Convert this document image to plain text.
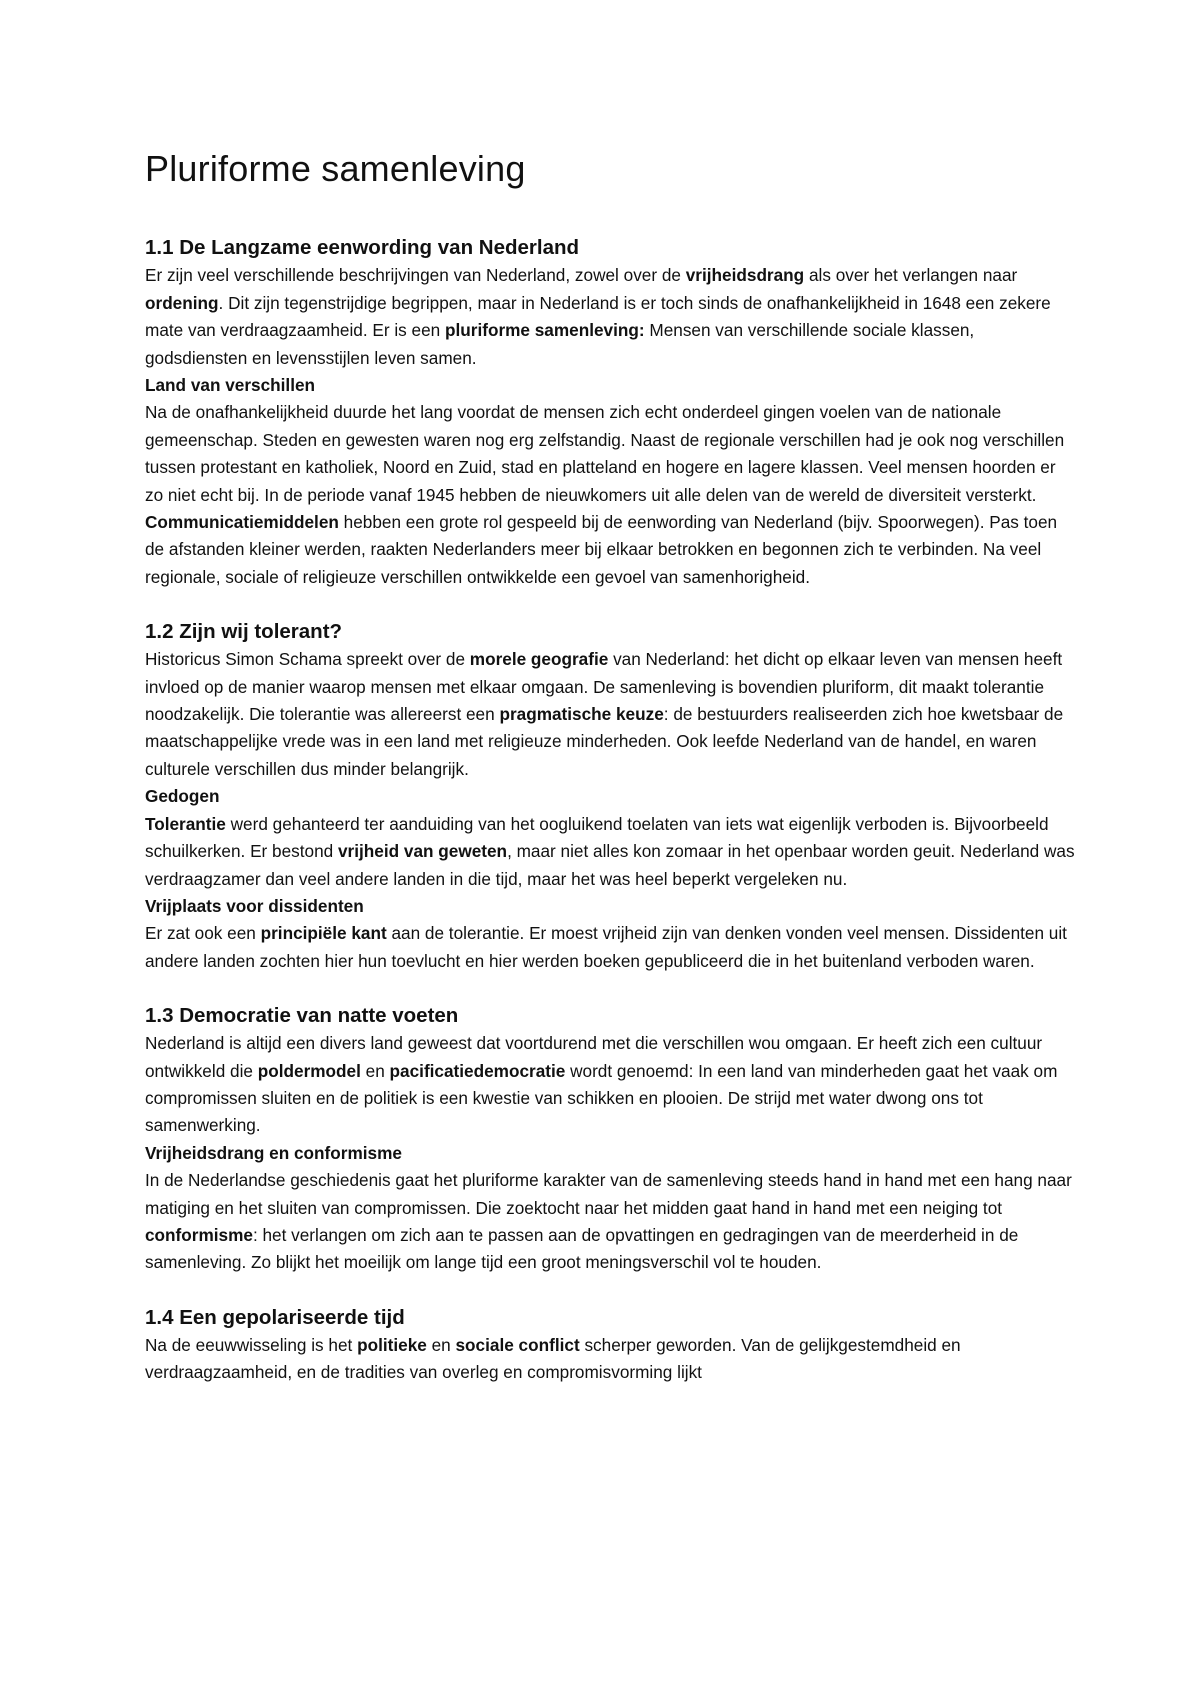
Pluriforme samenleving
1.1 De Langzame eenwording van Nederland

Er zijn veel verschillende beschrijvingen van Nederland, zowel over de vrijheidsdrang als over het verlangen naar ordening. Dit zijn tegenstrijdige begrippen, maar in Nederland is er toch sinds de onafhankelijkheid in 1648 een zekere mate van verdraagzaamheid. Er is een pluriforme samenleving: Mensen van verschillende sociale klassen, godsdiensten en levensstijlen leven samen.

Land van verschillen

Na de onafhankelijkheid duurde het lang voordat de mensen zich echt onderdeel gingen voelen van de nationale gemeenschap. Steden en gewesten waren nog erg zelfstandig. Naast de regionale verschillen had je ook nog verschillen tussen protestant en katholiek, Noord en Zuid, stad en platteland en hogere en lagere klassen. Veel mensen hoorden er zo niet echt bij. In de periode vanaf 1945 hebben de nieuwkomers uit alle delen van de wereld de diversiteit versterkt. Communicatiemiddelen hebben een grote rol gespeeld bij de eenwording van Nederland (bijv. Spoorwegen). Pas toen de afstanden kleiner werden, raakten Nederlanders meer bij elkaar betrokken en begonnen zich te verbinden. Na veel regionale, sociale of religieuze verschillen ontwikkelde een gevoel van samenhorigheid.

1.2 Zijn wij tolerant?

Historicus Simon Schama spreekt over de morele geografie van Nederland: het dicht op elkaar leven van mensen heeft invloed op de manier waarop mensen met elkaar omgaan. De samenleving is bovendien pluriform, dit maakt tolerantie noodzakelijk. Die tolerantie was allereerst een pragmatische keuze: de bestuurders realiseerden zich hoe kwetsbaar de maatschappelijke vrede was in een land met religieuze minderheden. Ook leefde Nederland van de handel, en waren culturele verschillen dus minder belangrijk.

Gedogen

Tolerantie werd gehanteerd ter aanduiding van het oogluikend toelaten van iets wat eigenlijk verboden is. Bijvoorbeeld schuilkerken. Er bestond vrijheid van geweten, maar niet alles kon zomaar in het openbaar worden geuit. Nederland was verdraagzamer dan veel andere landen in die tijd, maar het was heel beperkt vergeleken nu.

Vrijplaats voor dissidenten

Er zat ook een principiële kant aan de tolerantie. Er moest vrijheid zijn van denken vonden veel mensen. Dissidenten uit andere landen zochten hier hun toevlucht en hier werden boeken gepubliceerd die in het buitenland verboden waren.

1.3 Democratie van natte voeten

Nederland is altijd een divers land geweest dat voortdurend met die verschillen wou omgaan. Er heeft zich een cultuur ontwikkeld die poldermodel en pacificatiedemocratie wordt genoemd: In een land van minderheden gaat het vaak om compromissen sluiten en de politiek is een kwestie van schikken en plooien. De strijd met water dwong ons tot samenwerking.

Vrijheidsdrang en conformisme

In de Nederlandse geschiedenis gaat het pluriforme karakter van de samenleving steeds hand in hand met een hang naar matiging en het sluiten van compromissen. Die zoektocht naar het midden gaat hand in hand met een neiging tot conformisme: het verlangen om zich aan te passen aan de opvattingen en gedragingen van de meerderheid in de samenleving. Zo blijkt het moeilijk om lange tijd een groot meningsverschil vol te houden.

1.4 Een gepolariseerde tijd

Na de eeuwwisseling is het politieke en sociale conflict scherper geworden. Van de gelijkgestemdheid en verdraagzaamheid, en de tradities van overleg en compromisvorming lijkt
